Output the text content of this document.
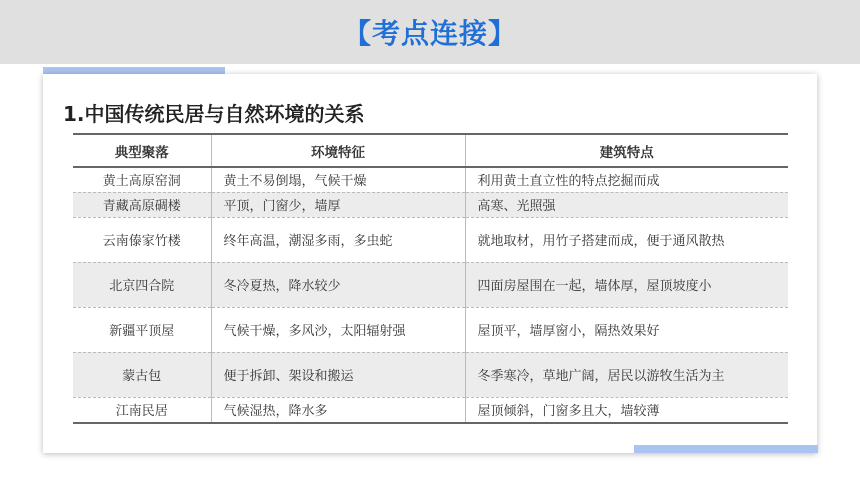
【考点连接】
1.中国传统民居与自然环境的关系
典型聚落	环境特征	建筑特点
黄土高原窑洞	黄土不易倒塌，气候干燥	利用黄土直立性的特点挖掘而成
青藏高原碉楼	平顶，门窗少，墙厚	高寒、光照强
云南傣家竹楼	终年高温，潮湿多雨，多虫蛇	就地取材，用竹子搭建而成，便于通风散热
北京四合院	冬冷夏热，降水较少	四面房屋围在一起，墙体厚，屋顶坡度小
新疆平顶屋	气候干燥，多风沙，太阳辐射强	屋顶平，墙厚窗小，隔热效果好
蒙古包	便于拆卸、架设和搬运	冬季寒冷，草地广阔，居民以游牧生活为主
江南民居	气候湿热，降水多	屋顶倾斜，门窗多且大，墙较薄
